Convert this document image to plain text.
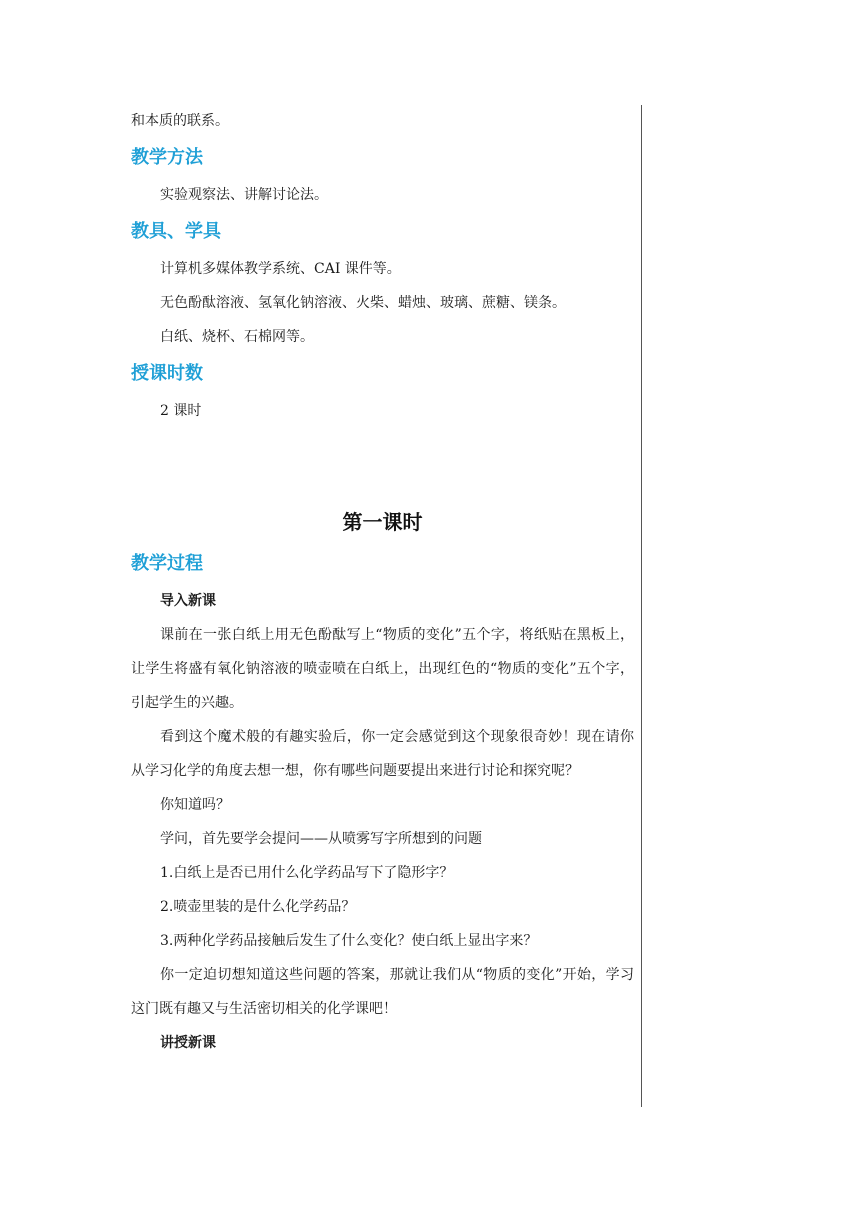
和本质的联系。

教学方法

实验观察法、讲解讨论法。

教具、学具

计算机多媒体教学系统、CAI 课件等。

无色酚酞溶液、氢氧化钠溶液、火柴、蜡烛、玻璃、蔗糖、镁条。

白纸、烧杯、石棉网等。

授课时数

2 课时

第一课时
教学过程

导入新课

课前在一张白纸上用无色酚酞写上“物质的变化”五个字，将纸贴在黑板上，让学生将盛有氧化钠溶液的喷壶喷在白纸上，出现红色的“物质的变化”五个字，引起学生的兴趣。

看到这个魔术般的有趣实验后，你一定会感觉到这个现象很奇妙！现在请你从学习化学的角度去想一想，你有哪些问题要提出来进行讨论和探究呢？

你知道吗？

学问，首先要学会提问——从喷雾写字所想到的问题

1.白纸上是否已用什么化学药品写下了隐形字？

2.喷壶里装的是什么化学药品？

3.两种化学药品接触后发生了什么变化？使白纸上显出字来？

你一定迫切想知道这些问题的答案，那就让我们从“物质的变化”开始，学习这门既有趣又与生活密切相关的化学课吧！

讲授新课
